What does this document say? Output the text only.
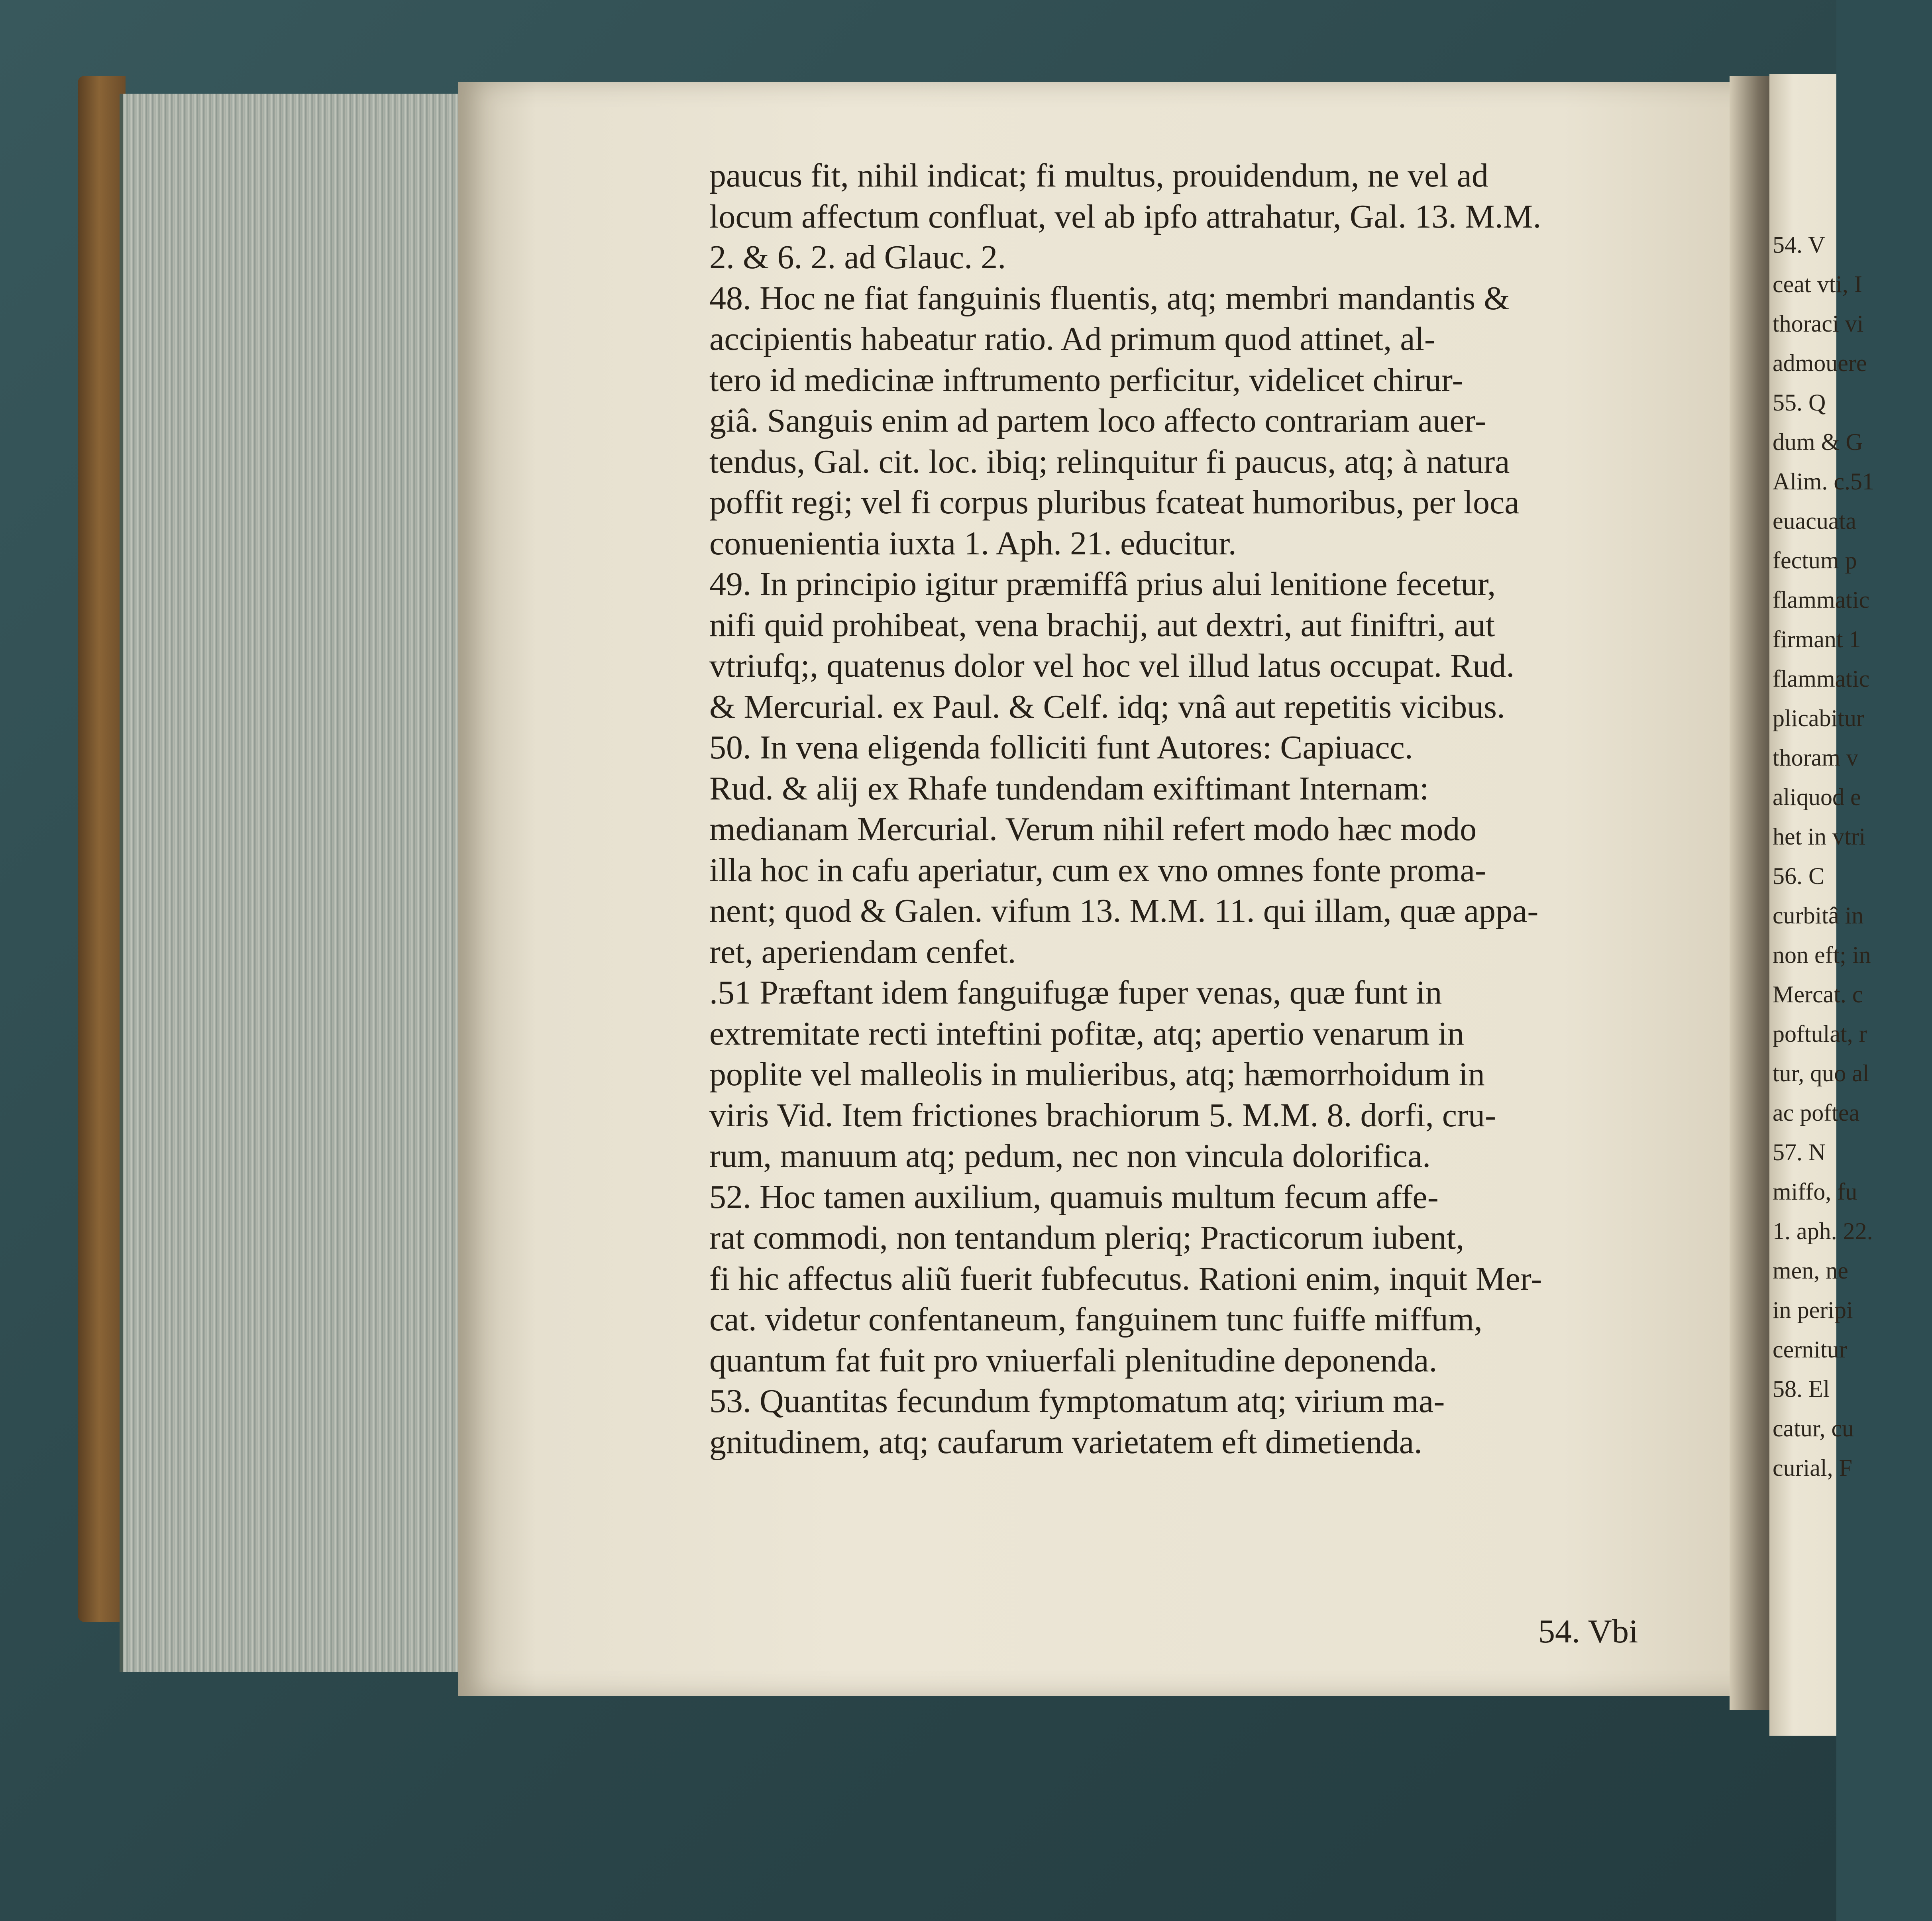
paucus fit, nihil indicat; fi multus, prouidendum, ne vel ad
locum affectum confluat, vel ab ipfo attrahatur, Gal. 13. M.M.
2. & 6. 2. ad Glauc. 2.
48. Hoc ne fiat fanguinis fluentis, atq; membri mandantis &
accipientis habeatur ratio. Ad primum quod attinet, al-
tero id medicinæ inftrumento perficitur, videlicet chirur-
giâ. Sanguis enim ad partem loco affecto contrariam auer-
tendus, Gal. cit. loc. ibiq; relinquitur fi paucus, atq; à natura
poffit regi; vel fi corpus pluribus fcateat humoribus, per loca
conuenientia iuxta 1. Aph. 21. educitur.
49. In principio igitur præmiffâ prius alui lenitione fecetur,
nifi quid prohibeat, vena brachij, aut dextri, aut finiftri, aut
vtriufq;, quatenus dolor vel hoc vel illud latus occupat. Rud.
& Mercurial. ex Paul. & Celf. idq; vnâ aut repetitis vicibus.
50. In vena eligenda folliciti funt Autores: Capiuacc.
Rud. & alij ex Rhafe tundendam exiftimant Internam:
medianam Mercurial. Verum nihil refert modo hæc modo
illa hoc in cafu aperiatur, cum ex vno omnes fonte proma-
nent; quod & Galen. vifum 13. M.M. 11. qui illam, quæ appa-
ret, aperiendam cenfet.
.51 Præftant idem fanguifugæ fuper venas, quæ funt in
extremitate recti inteftini pofitæ, atq; apertio venarum in
poplite vel malleolis in mulieribus, atq; hæmorrhoidum in
viris Vid. Item frictiones brachiorum 5. M.M. 8. dorfi, cru-
rum, manuum atq; pedum, nec non vincula dolorifica.
52. Hoc tamen auxilium, quamuis multum fecum affe-
rat commodi, non tentandum pleriq; Practicorum iubent,
fi hic affectus aliũ fuerit fubfecutus. Rationi enim, inquit Mer-
cat. videtur confentaneum, fanguinem tunc fuiffe miffum,
quantum fat fuit pro vniuerfali plenitudine deponenda.
53. Quantitas fecundum fymptomatum atq; virium ma-
gnitudinem, atq; caufarum varietatem eft dimetienda.
54. Vbi
54. V
ceat vti, I
thoraci vi
admouere
55. Q
dum & G
Alim. c.51
euacuata
fectum p
flammatic
firmant 1
flammatic
plicabitur
thoram v
aliquod e
het in vtri
56. C
curbitâ in
non eft; in
Mercat. c
poftulat, r
tur, quo al
ac poftea
57. N
miffo, fu
1. aph. 22.
men, ne
in peripi
cernitur
58. El
catur, cu
curial, F
